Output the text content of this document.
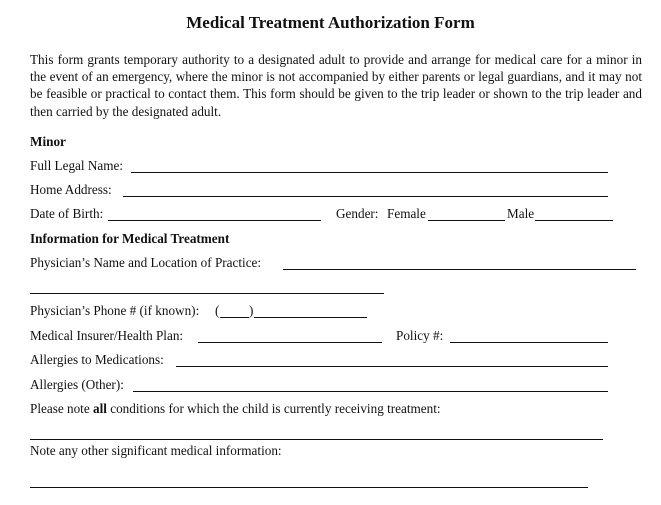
Medical Treatment Authorization Form
This form grants temporary authority to a designated adult to provide and arrange for medical care for a minor in the event of an emergency, where the minor is not accompanied by either parents or legal guardians, and it may not be feasible or practical to contact them. This form should be given to the trip leader or shown to the trip leader and then carried by the designated adult.
Minor
Full Legal Name:
Home Address:
Date of Birth:	Gender: Female	Male
Information for Medical Treatment
Physician’s Name and Location of Practice:
Physician’s Phone # (if known): ( )
Medical Insurer/Health Plan:	Policy #:
Allergies to Medications:
Allergies (Other):
Please note all conditions for which the child is currently receiving treatment:
Note any other significant medical information:
